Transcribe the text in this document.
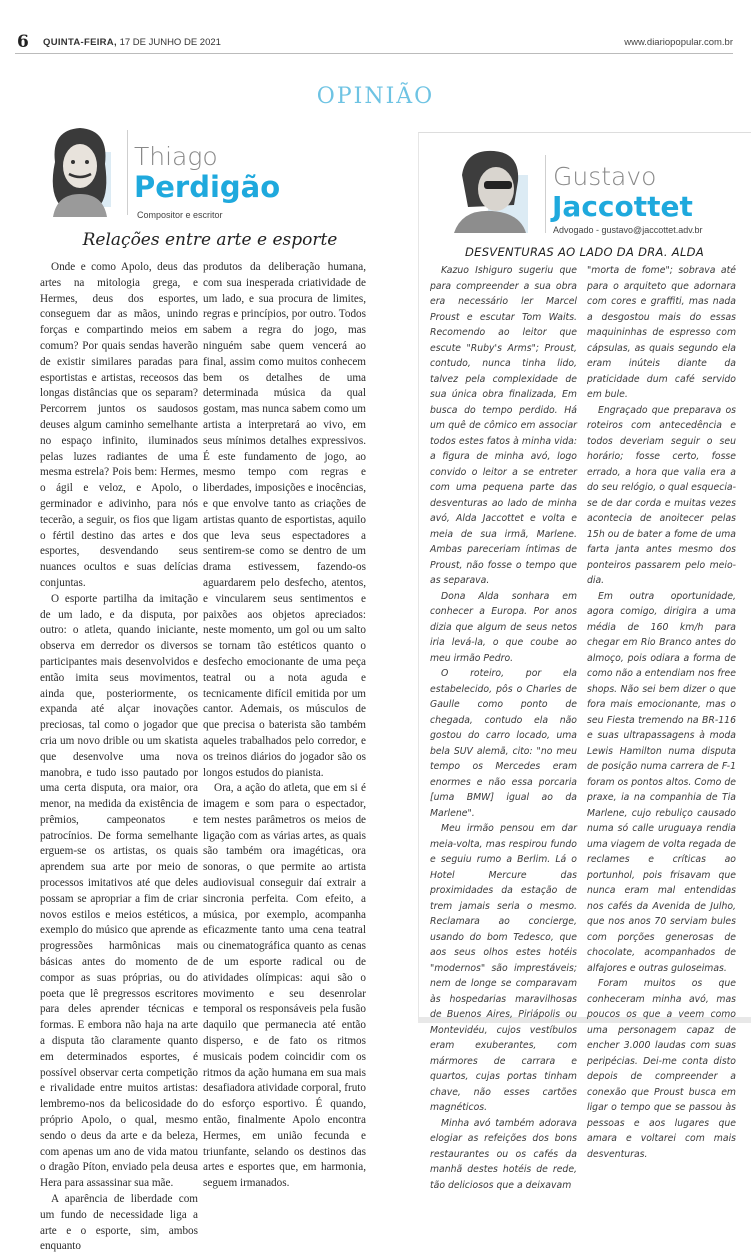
6 QUINTA-FEIRA, 17 DE JUNHO DE 2021	www.diariopopular.com.br
OPINIÃO
Thiago
Perdigão
Compositor e escritor
Relações entre arte e esporte

Onde e como Apolo, deus das artes na mitologia grega, e Hermes, deus dos esportes, conseguem dar as mãos, unindo forças e compartindo meios em comum? Por quais sendas haverão de existir similares paradas para esportistas e artistas, receosos das longas distâncias que os separam? Percorrem juntos os saudosos deuses algum caminho semelhante no espaço infinito, iluminados pelas luzes radiantes de uma mesma estrela? Pois bem: Hermes, o ágil e veloz, e Apolo, o germinador e adivinho, para nós tecerão, a seguir, os fios que ligam o fértil destino das artes e dos esportes, desvendando seus nuances ocultos e suas delícias conjuntas.

O esporte partilha da imitação de um lado, e da disputa, por outro: o atleta, quando iniciante, observa em derredor os diversos participantes mais desenvolvidos e então imita seus movimentos, ainda que, posteriormente, os expanda até alçar inovações preciosas, tal como o jogador que cria um novo drible ou um skatista que desenvolve uma nova manobra, e tudo isso pautado por uma certa disputa, ora maior, ora menor, na medida da existência de prêmios, campeonatos e patrocínios. De forma semelhante erguem-se os artistas, os quais aprendem sua arte por meio de processos imitativos até que deles possam se apropriar a fim de criar novos estilos e meios estéticos, a exemplo do músico que aprende as progressões harmônicas mais básicas antes do momento de compor as suas próprias, ou do poeta que lê pregressos escritores para deles aprender técnicas e formas. E embora não haja na arte a disputa tão claramente quanto em determinados esportes, é possível observar certa competição e rivalidade entre muitos artistas: lembremo-nos da belicosidade do próprio Apolo, o qual, mesmo sendo o deus da arte e da beleza, com apenas um ano de vida matou o dragão Píton, enviado pela deusa Hera para assassinar sua mãe.

A aparência de liberdade com um fundo de necessidade liga a arte e o esporte, sim, ambos enquanto

produtos da deliberação humana, com sua inesperada criatividade de um lado, e sua procura de limites, regras e princípios, por outro. Todos sabem a regra do jogo, mas ninguém sabe quem vencerá ao final, assim como muitos conhecem bem os detalhes de uma determinada música da qual gostam, mas nunca sabem como um artista a interpretará ao vivo, em seus mínimos detalhes expressivos. É este fundamento de jogo, ao mesmo tempo com regras e liberdades, imposições e inocências, e que envolve tanto as criações de artistas quanto de esportistas, aquilo que leva seus espectadores a sentirem-se como se dentro de um drama estivessem, fazendo-os aguardarem pelo desfecho, atentos, e vincularem seus sentimentos e paixões aos objetos apreciados: neste momento, um gol ou um salto se tornam tão estéticos quanto o desfecho emocionante de uma peça teatral ou a nota aguda e tecnicamente difícil emitida por um cantor. Ademais, os músculos de que precisa o baterista são também aqueles trabalhados pelo corredor, e os treinos diários do jogador são os longos estudos do pianista.

Ora, a ação do atleta, que em si é imagem e som para o espectador, tem nestes parâmetros os meios de ligação com as várias artes, as quais são também ora imagéticas, ora sonoras, o que permite ao artista audiovisual conseguir daí extrair a sincronia perfeita. Com efeito, a música, por exemplo, acompanha eficazmente tanto uma cena teatral ou cinematográfica quanto as cenas de um esporte radical ou de atividades olímpicas: aqui são o movimento e seu desenrolar temporal os responsáveis pela fusão daquilo que permanecia até então disperso, e de fato os ritmos musicais podem coincidir com os ritmos da ação humana em sua mais desafiadora atividade corporal, fruto do esforço esportivo. É quando, então, finalmente Apolo encontra Hermes, em união fecunda e triunfante, selando os destinos das artes e esportes que, em harmonia, seguem irmanados.

Gustavo
Jaccottet
Advogado - gustavo@jaccottet.adv.br
DESVENTURAS AO LADO DA DRA. ALDA

Kazuo Ishiguro sugeriu que para compreender a sua obra era necessário ler Marcel Proust e escutar Tom Waits. Recomendo ao leitor que escute "Ruby's Arms"; Proust, contudo, nunca tinha lido, talvez pela complexidade de sua única obra finalizada, Em busca do tempo perdido. Há um quê de cômico em associar todos estes fatos à minha vida: a figura de minha avó, logo convido o leitor a se entreter com uma pequena parte das desventuras ao lado de minha avó, Alda Jaccottet e volta e meia de sua irmã, Marlene. Ambas pareceriam íntimas de Proust, não fosse o tempo que as separava.

Dona Alda sonhara em conhecer a Europa. Por anos dizia que algum de seus netos iria levá-la, o que coube ao meu irmão Pedro.

O roteiro, por ela estabelecido, pôs o Charles de Gaulle como ponto de chegada, contudo ela não gostou do carro locado, uma bela SUV alemã, cito: "no meu tempo os Mercedes eram enormes e não essa porcaria [uma BMW] igual ao da Marlene".

Meu irmão pensou em dar meia-volta, mas respirou fundo e seguiu rumo a Berlim. Lá o Hotel Mercure das proximidades da estação de trem jamais seria o mesmo. Reclamara ao concierge, usando do bom Tedesco, que aos seus olhos estes hotéis "modernos" são imprestáveis; nem de longe se comparavam às hospedarias maravilhosas de Buenos Aires, Piriápolis ou Montevidéu, cujos vestíbulos eram exuberantes, com mármores de carrara e quartos, cujas portas tinham chave, não esses cartões magnéticos.

Minha avó também adorava elogiar as refeições dos bons restaurantes ou os cafés da manhã destes hotéis de rede, tão deliciosos que a deixavam

"morta de fome"; sobrava até para o arquiteto que adornara com cores e graffiti, mas nada a desgostou mais do essas maquininhas de espresso com cápsulas, as quais segundo ela eram inúteis diante da praticidade dum café servido em bule.

Engraçado que preparava os roteiros com antecedência e todos deveriam seguir o seu horário; fosse certo, fosse errado, a hora que valia era a do seu relógio, o qual esquecia-se de dar corda e muitas vezes acontecia de anoitecer pelas 15h ou de bater a fome de uma farta janta antes mesmo dos ponteiros passarem pelo meio-dia.

Em outra oportunidade, agora comigo, dirigira a uma média de 160 km/h para chegar em Rio Branco antes do almoço, pois odiara a forma de como não a entendiam nos free shops. Não sei bem dizer o que fora mais emocionante, mas o seu Fiesta tremendo na BR-116 e suas ultrapassagens à moda Lewis Hamilton numa disputa de posição numa carrera de F-1 foram os pontos altos. Como de praxe, ia na companhia de Tia Marlene, cujo rebuliço causado numa só calle uruguaya rendia uma viagem de volta regada de reclames e críticas ao portunhol, pois frisavam que nunca eram mal entendidas nos cafés da Avenida de Julho, que nos anos 70 serviam bules com porções generosas de chocolate, acompanhados de alfajores e outras guloseimas.

Foram muitos os que conheceram minha avó, mas poucos os que a veem como uma personagem capaz de encher 3.000 laudas com suas peripécias. Dei-me conta disto depois de compreender a conexão que Proust busca em ligar o tempo que se passou às pessoas e aos lugares que amara e voltarei com mais desventuras.
